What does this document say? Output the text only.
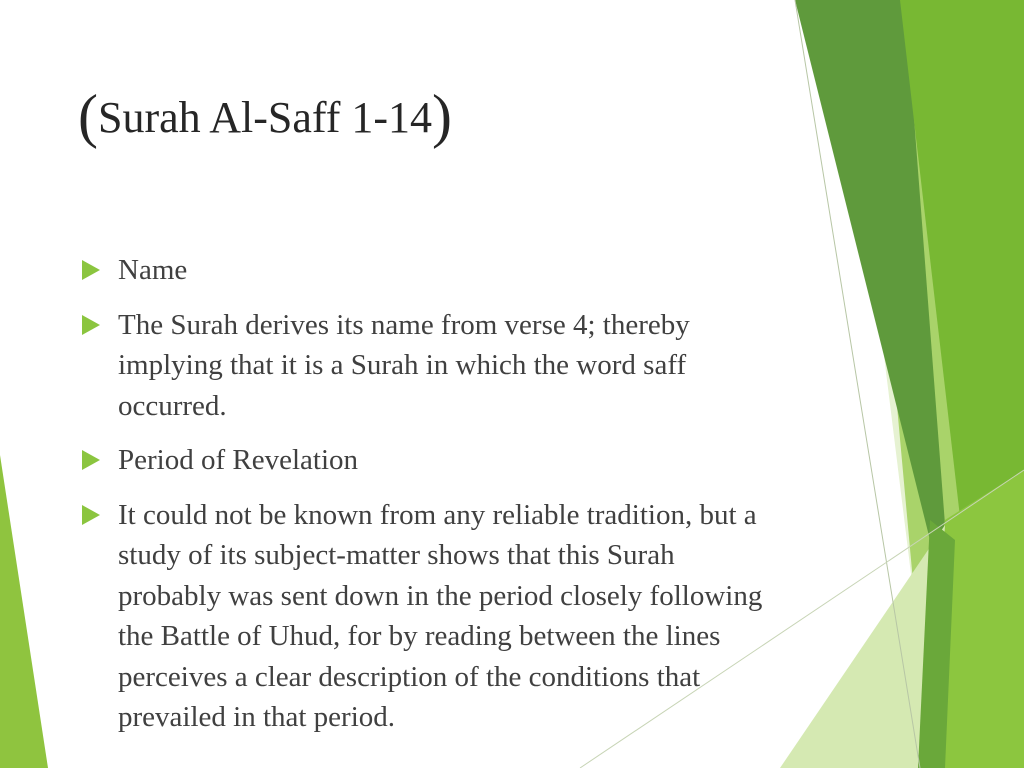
(Surah Al-Saff 1-14)
Name
The Surah derives its name from verse 4; thereby implying that it is a Surah in which the word saff occurred.
Period of Revelation
It could not be known from any reliable tradition, but a study of its subject-matter shows that this Surah probably was sent down in the period closely following the Battle of Uhud, for by reading between the lines perceives a clear description of the conditions that prevailed in that period.
